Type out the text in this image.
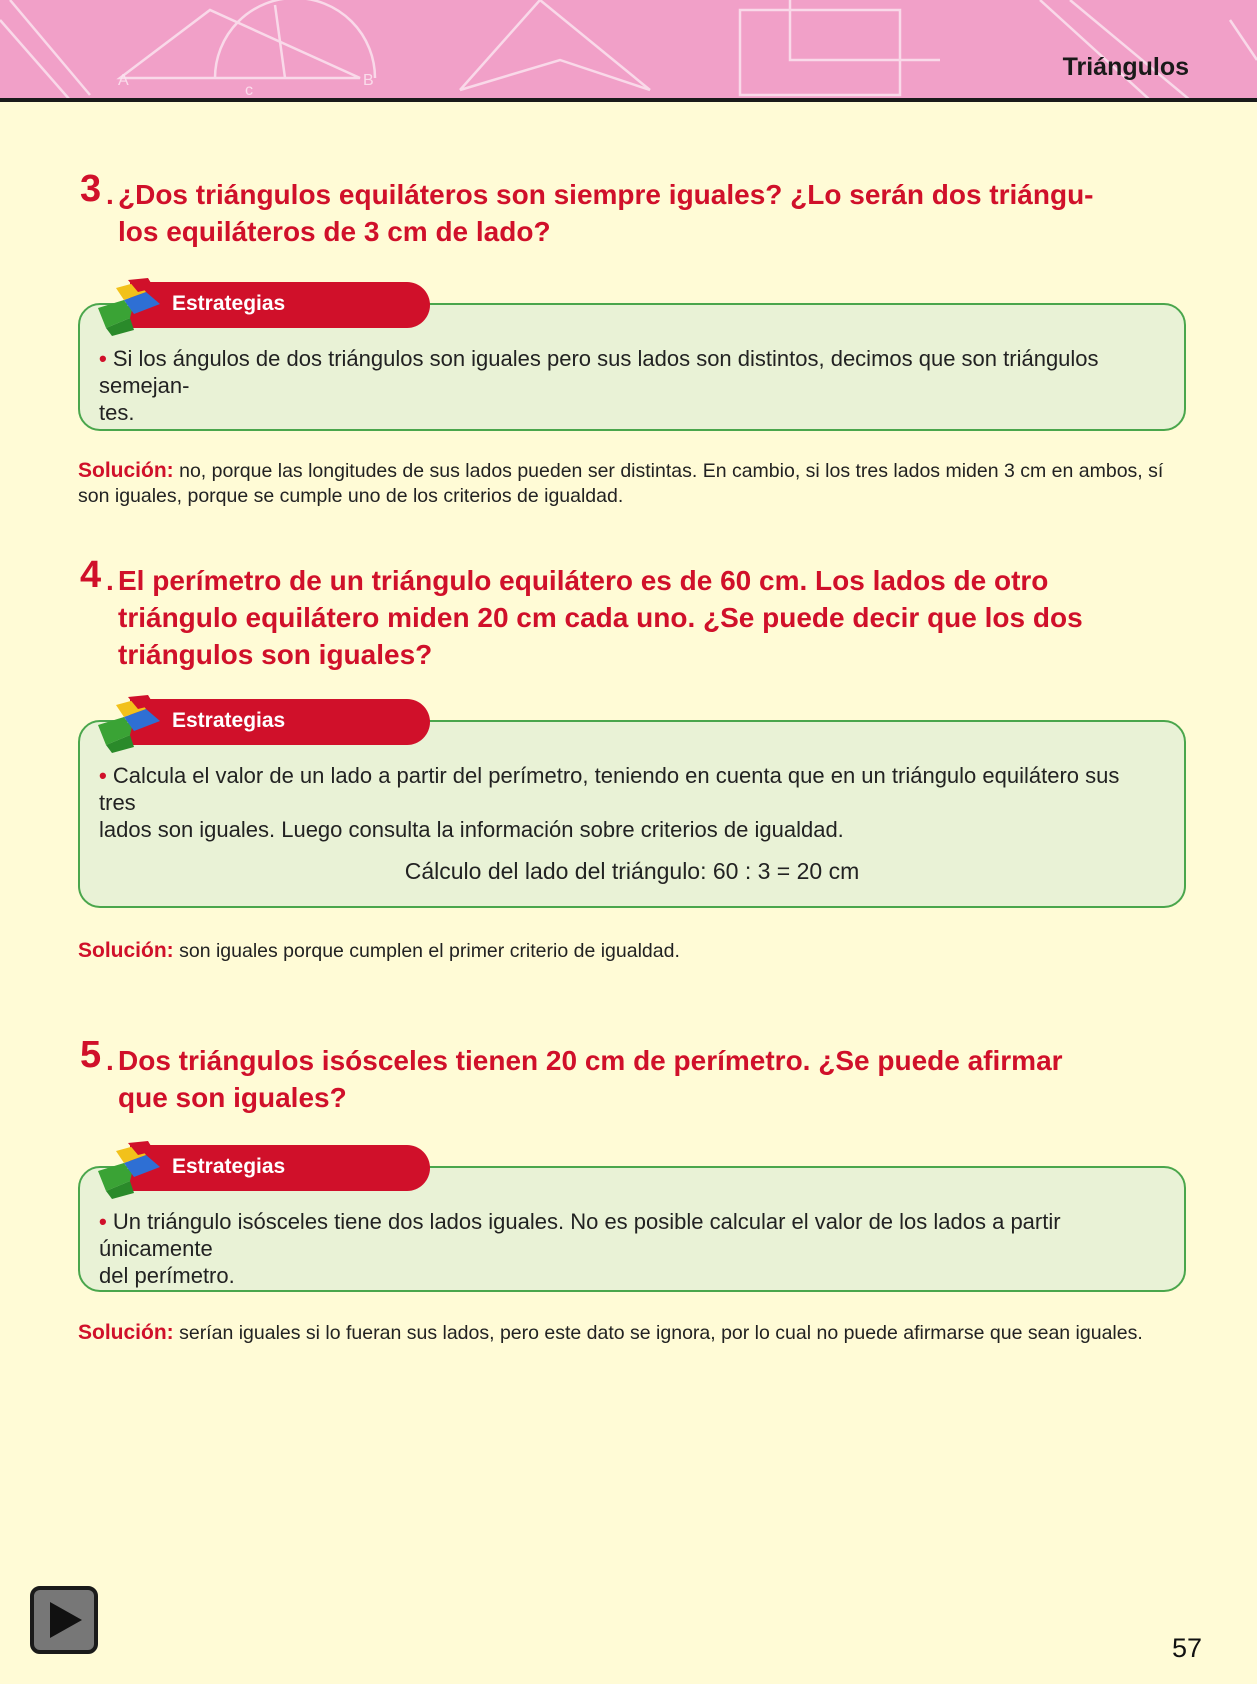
A	B
c
Triángulos
3 . ¿Dos triángulos equiláteros son siempre iguales? ¿Lo serán dos triángu-
los equiláteros de 3 cm de lado?
• Si los ángulos de dos triángulos son iguales pero sus lados son distintos, decimos que son triángulos semejan-
tes.
Estrategias
Solución: no, porque las longitudes de sus lados pueden ser distintas. En cambio, si los tres lados miden 3 cm en ambos, sí son iguales, porque se cumple uno de los criterios de igualdad.
4 . El perímetro de un triángulo equilátero es de 60 cm. Los lados de otro
triángulo equilátero miden 20 cm cada uno. ¿Se puede decir que los dos
triángulos son iguales?
• Calcula el valor de un lado a partir del perímetro, teniendo en cuenta que en un triángulo equilátero sus tres
lados son iguales. Luego consulta la información sobre criterios de igualdad.
Cálculo del lado del triángulo: 60 : 3 = 20 cm
Estrategias
Solución: son iguales porque cumplen el primer criterio de igualdad.
5 . Dos triángulos isósceles tienen 20 cm de perímetro. ¿Se puede afirmar
que son iguales?
• Un triángulo isósceles tiene dos lados iguales. No es posible calcular el valor de los lados a partir únicamente
del perímetro.
Estrategias
Solución: serían iguales si lo fueran sus lados, pero este dato se ignora, por lo cual no puede afirmarse que sean iguales.
57
